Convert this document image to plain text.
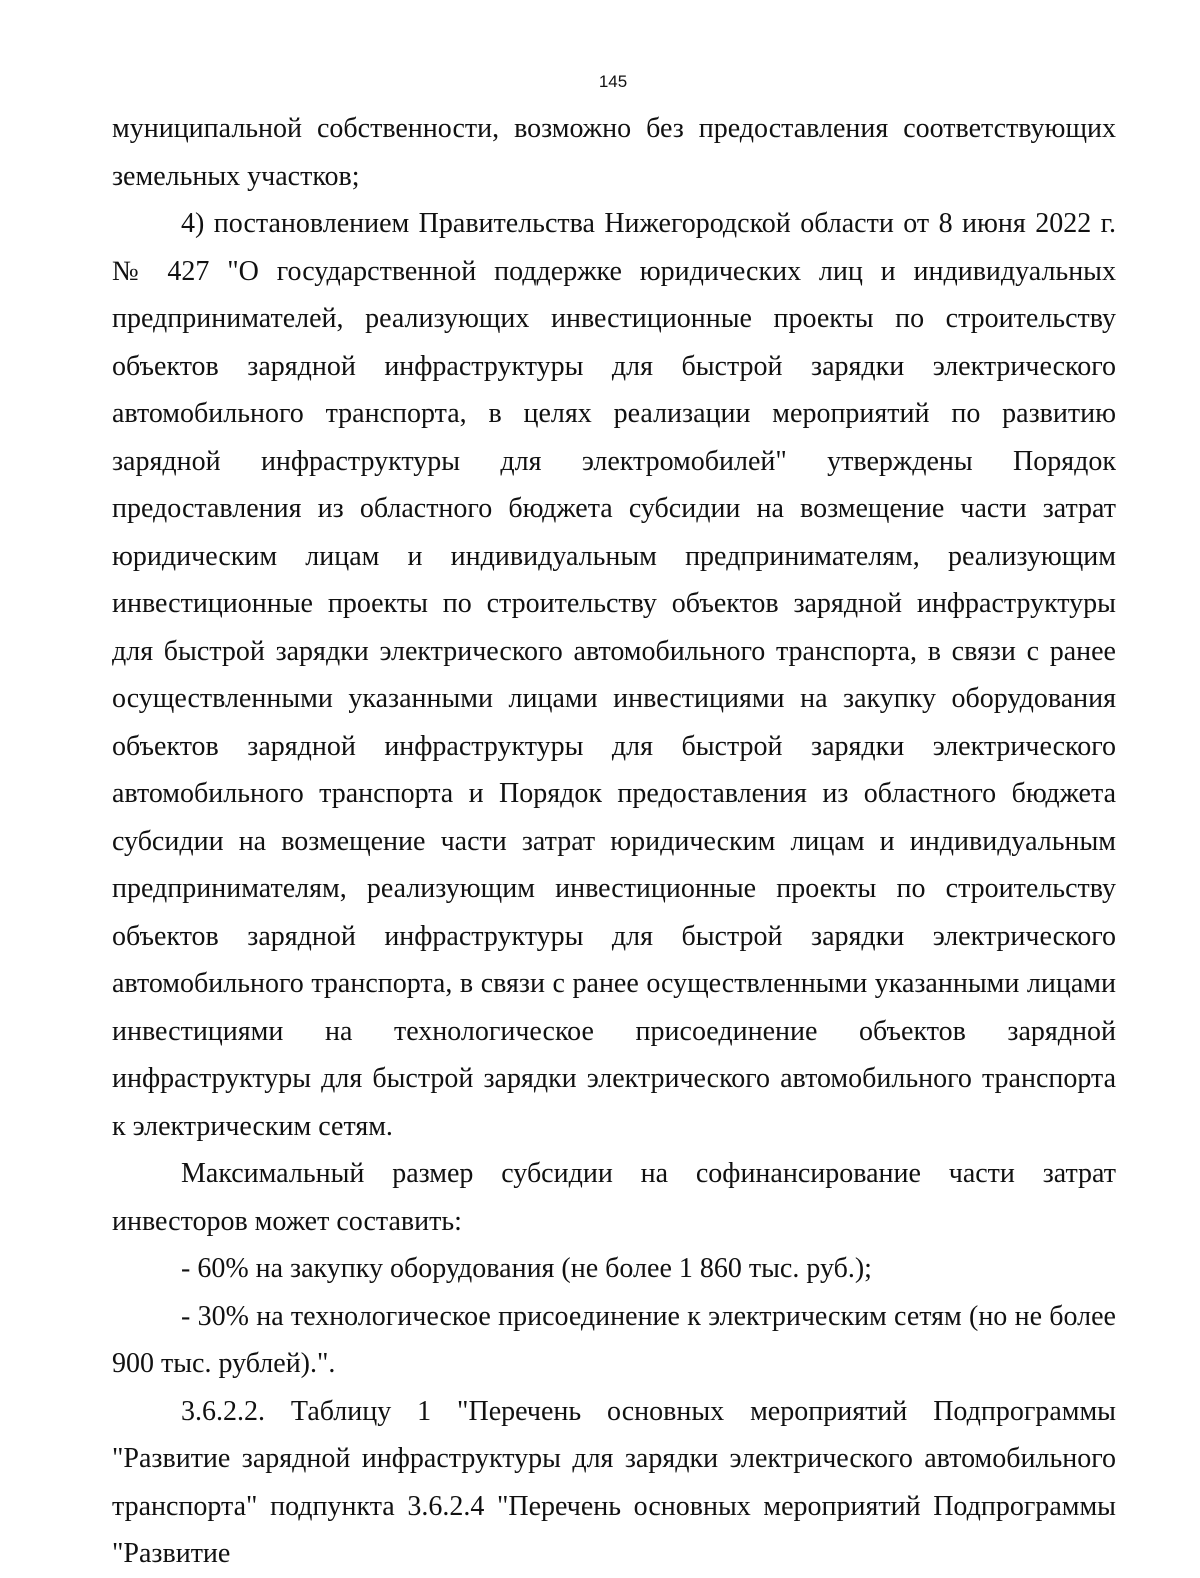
145

муниципальной собственности, возможно без предоставления соответствующих земельных участков;

4) постановлением Правительства Нижегородской области от 8 июня 2022 г. № 427 "О государственной поддержке юридических лиц и индивидуальных предпринимателей, реализующих инвестиционные проекты по строительству объектов зарядной инфраструктуры для быстрой зарядки электрического автомобильного транспорта, в целях реализации мероприятий по развитию зарядной инфраструктуры для электромобилей" утверждены Порядок предоставления из областного бюджета субсидии на возмещение части затрат юридическим лицам и индивидуальным предпринимателям, реализующим инвестиционные проекты по строительству объектов зарядной инфраструктуры для быстрой зарядки электрического автомобильного транспорта, в связи с ранее осуществленными указанными лицами инвестициями на закупку оборудования объектов зарядной инфраструктуры для быстрой зарядки электрического автомобильного транспорта и Порядок предоставления из областного бюджета субсидии на возмещение части затрат юридическим лицам и индивидуальным предпринимателям, реализующим инвестиционные проекты по строительству объектов зарядной инфраструктуры для быстрой зарядки электрического автомобильного транспорта, в связи с ранее осуществленными указанными лицами инвестициями на технологическое присоединение объектов зарядной инфраструктуры для быстрой зарядки электрического автомобильного транспорта к электрическим сетям.

Максимальный размер субсидии на софинансирование части затрат инвесторов может составить:

- 60% на закупку оборудования (не более 1 860 тыс. руб.);

- 30% на технологическое присоединение к электрическим сетям (но не более 900 тыс. рублей).".

3.6.2.2. Таблицу 1 "Перечень основных мероприятий Подпрограммы "Развитие зарядной инфраструктуры для зарядки электрического автомобильного транспорта" подпункта 3.6.2.4 "Перечень основных мероприятий Подпрограммы "Развитие
